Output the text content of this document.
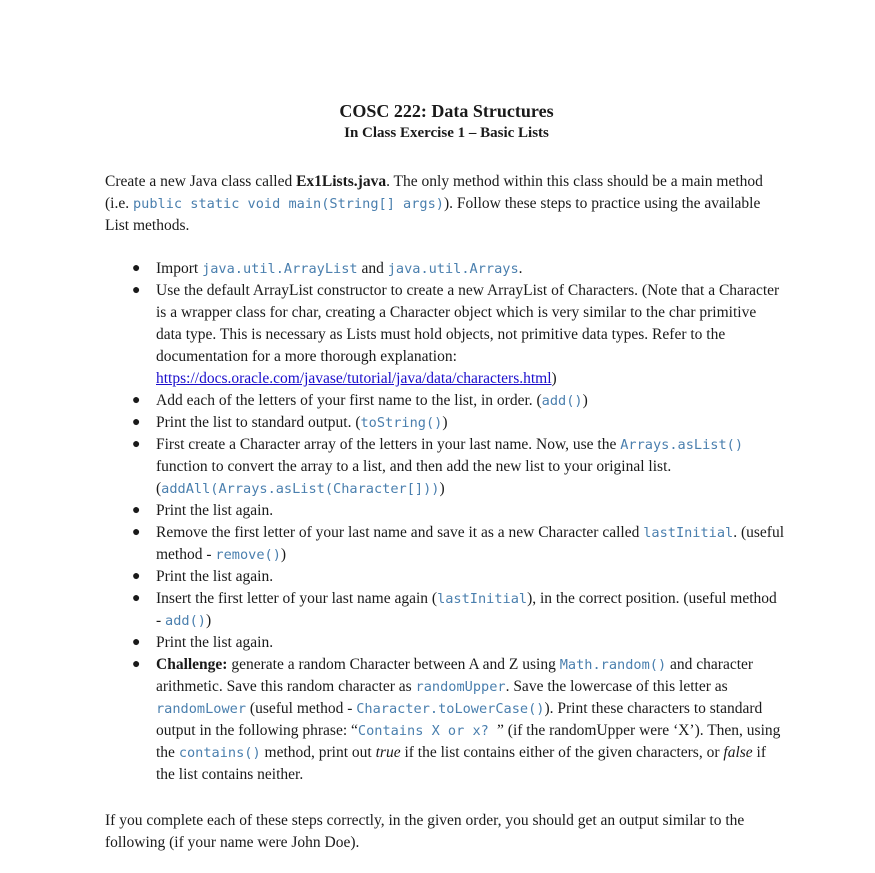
COSC 222: Data Structures

In Class Exercise 1 – Basic Lists

Create a new Java class called Ex1Lists.java. The only method within this class should be a main method (i.e. public static void main(String[] args)). Follow these steps to practice using the available List methods.

● Import java.util.ArrayList and java.util.Arrays.
● Use the default ArrayList constructor to create a new ArrayList of Characters. (Note that a Character is a wrapper class for char, creating a Character object which is very similar to the char primitive data type. This is necessary as Lists must hold objects, not primitive data types. Refer to the documentation for a more thorough explanation: https://docs.oracle.com/javase/tutorial/java/data/characters.html)
● Add each of the letters of your first name to the list, in order. (add())
● Print the list to standard output. (toString())
● First create a Character array of the letters in your last name. Now, use the Arrays.asList() function to convert the array to a list, and then add the new list to your original list. (addAll(Arrays.asList(Character[])))
● Print the list again.
● Remove the first letter of your last name and save it as a new Character called lastInitial. (useful method - remove())
● Print the list again.
● Insert the first letter of your last name again (lastInitial), in the correct position. (useful method - add())
● Print the list again.
● Challenge: generate a random Character between A and Z using Math.random() and character arithmetic. Save this random character as randomUpper. Save the lowercase of this letter as randomLower (useful method - Character.toLowerCase()). Print these characters to standard output in the following phrase: “Contains X or x? ” (if the randomUpper were ‘X’). Then, using the contains() method, print out true if the list contains either of the given characters, or false if the list contains neither.

If you complete each of these steps correctly, in the given order, you should get an output similar to the following (if your name were John Doe).
